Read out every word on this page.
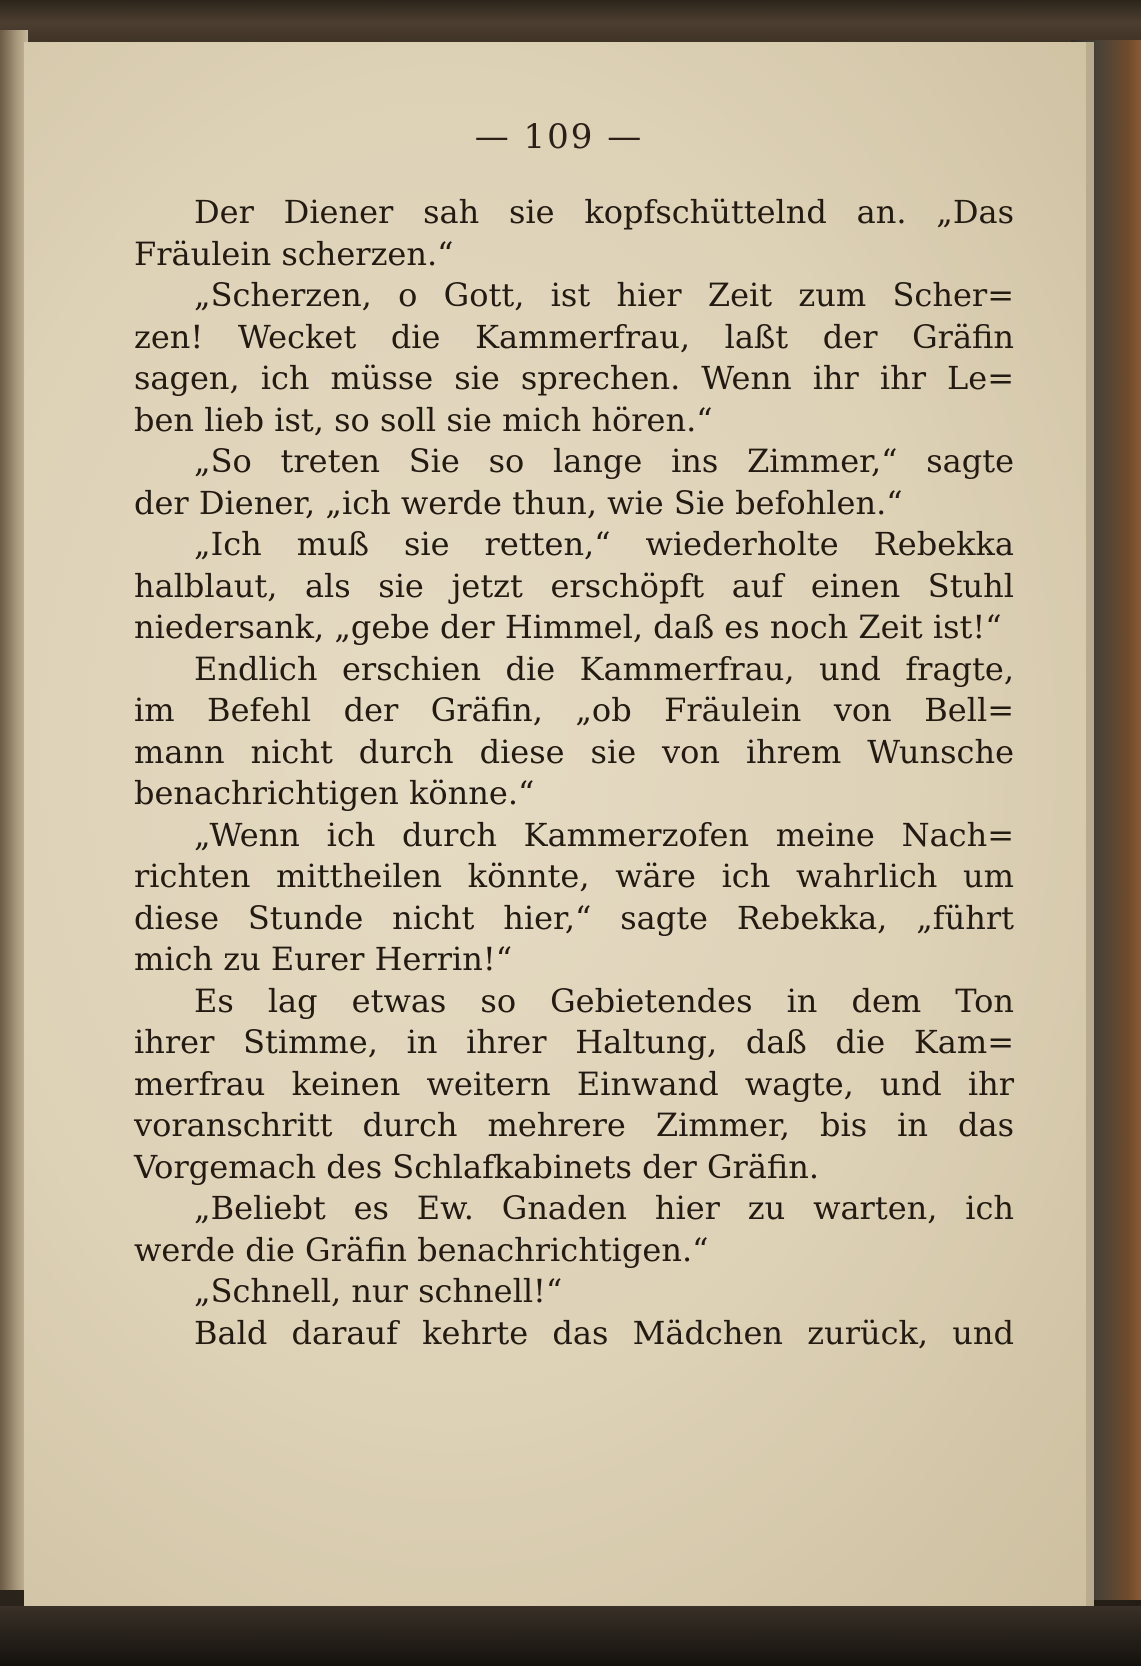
— 109 —
Der Diener sah sie kopfschüttelnd an. „Das
Fräulein scherzen.“
„Scherzen, o Gott, ist hier Zeit zum Scher=
zen! Wecket die Kammerfrau, laßt der Gräfin
sagen, ich müsse sie sprechen. Wenn ihr ihr Le=
ben lieb ist, so soll sie mich hören.“
„So treten Sie so lange ins Zimmer,“ sagte
der Diener, „ich werde thun, wie Sie befohlen.“
„Ich muß sie retten,“ wiederholte Rebekka
halblaut, als sie jetzt erschöpft auf einen Stuhl
niedersank, „gebe der Himmel, daß es noch Zeit ist!“
Endlich erschien die Kammerfrau, und fragte,
im Befehl der Gräfin, „ob Fräulein von Bell=
mann nicht durch diese sie von ihrem Wunsche
benachrichtigen könne.“
„Wenn ich durch Kammerzofen meine Nach=
richten mittheilen könnte, wäre ich wahrlich um
diese Stunde nicht hier,“ sagte Rebekka, „führt
mich zu Eurer Herrin!“
Es lag etwas so Gebietendes in dem Ton
ihrer Stimme, in ihrer Haltung, daß die Kam=
merfrau keinen weitern Einwand wagte, und ihr
voranschritt durch mehrere Zimmer, bis in das
Vorgemach des Schlafkabinets der Gräfin.
„Beliebt es Ew. Gnaden hier zu warten, ich
werde die Gräfin benachrichtigen.“
„Schnell, nur schnell!“
Bald darauf kehrte das Mädchen zurück, und
